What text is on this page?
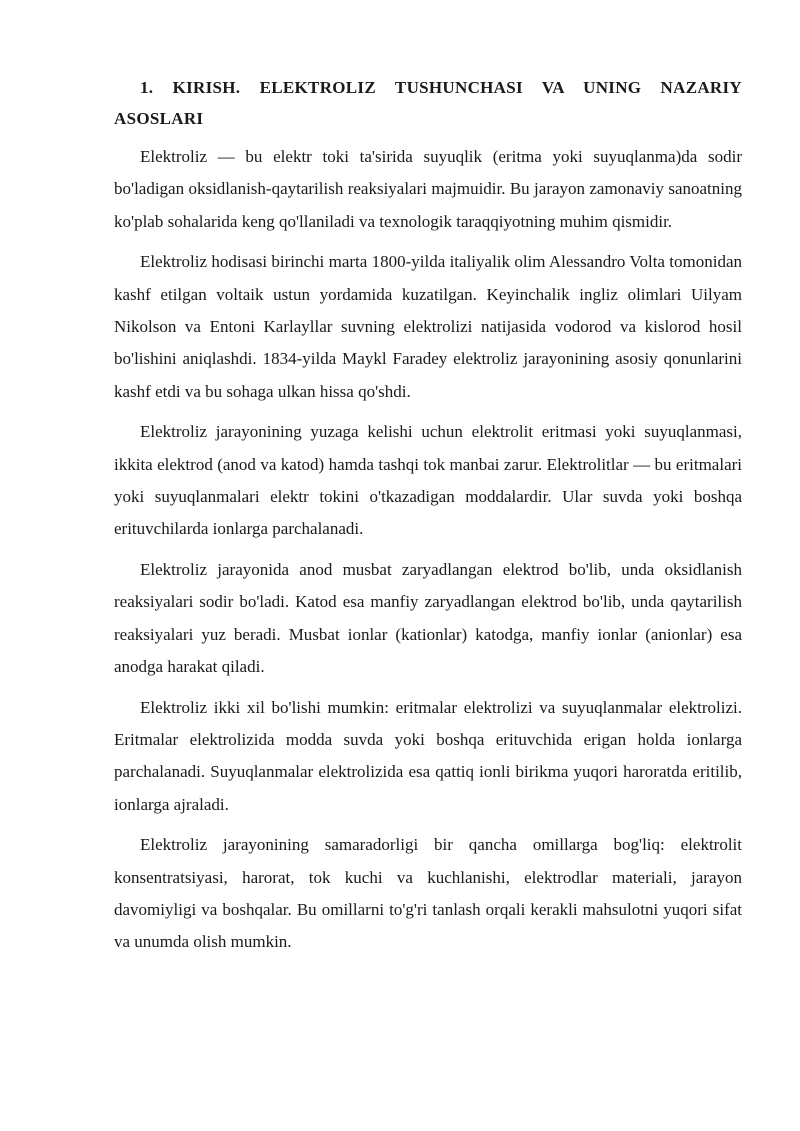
1. KIRISH. ELEKTROLIZ TUSHUNCHASI VA UNING NAZARIY ASOSLARI

Elektroliz — bu elektr toki ta'sirida suyuqlik (eritma yoki suyuqlanma)da sodir bo'ladigan oksidlanish-qaytarilish reaksiyalari majmuidir. Bu jarayon zamonaviy sanoatning ko'plab sohalarida keng qo'llaniladi va texnologik taraqqiyotning muhim qismidir.

Elektroliz hodisasi birinchi marta 1800-yilda italiyalik olim Alessandro Volta tomonidan kashf etilgan voltaik ustun yordamida kuzatilgan. Keyinchalik ingliz olimlari Uilyam Nikolson va Entoni Karlayllar suvning elektrolizi natijasida vodorod va kislorod hosil bo'lishini aniqlashdi. 1834-yilda Maykl Faradey elektroliz jarayonining asosiy qonunlarini kashf etdi va bu sohaga ulkan hissa qo'shdi.

Elektroliz jarayonining yuzaga kelishi uchun elektrolit eritmasi yoki suyuqlanmasi, ikkita elektrod (anod va katod) hamda tashqi tok manbai zarur. Elektrolitlar — bu eritmalari yoki suyuqlanmalari elektr tokini o'tkazadigan moddalardir. Ular suvda yoki boshqa erituvchilarda ionlarga parchalanadi.

Elektroliz jarayonida anod musbat zaryadlangan elektrod bo'lib, unda oksidlanish reaksiyalari sodir bo'ladi. Katod esa manfiy zaryadlangan elektrod bo'lib, unda qaytarilish reaksiyalari yuz beradi. Musbat ionlar (kationlar) katodga, manfiy ionlar (anionlar) esa anodga harakat qiladi.

Elektroliz ikki xil bo'lishi mumkin: eritmalar elektrolizi va suyuqlanmalar elektrolizi. Eritmalar elektrolizida modda suvda yoki boshqa erituvchida erigan holda ionlarga parchalanadi. Suyuqlanmalar elektrolizida esa qattiq ionli birikma yuqori haroratda eritilib, ionlarga ajraladi.

Elektroliz jarayonining samaradorligi bir qancha omillarga bog'liq: elektrolit konsentratsiyasi, harorat, tok kuchi va kuchlanishi, elektrodlar materiali, jarayon davomiyligi va boshqalar. Bu omillarni to'g'ri tanlash orqali kerakli mahsulotni yuqori sifat va unumda olish mumkin.
